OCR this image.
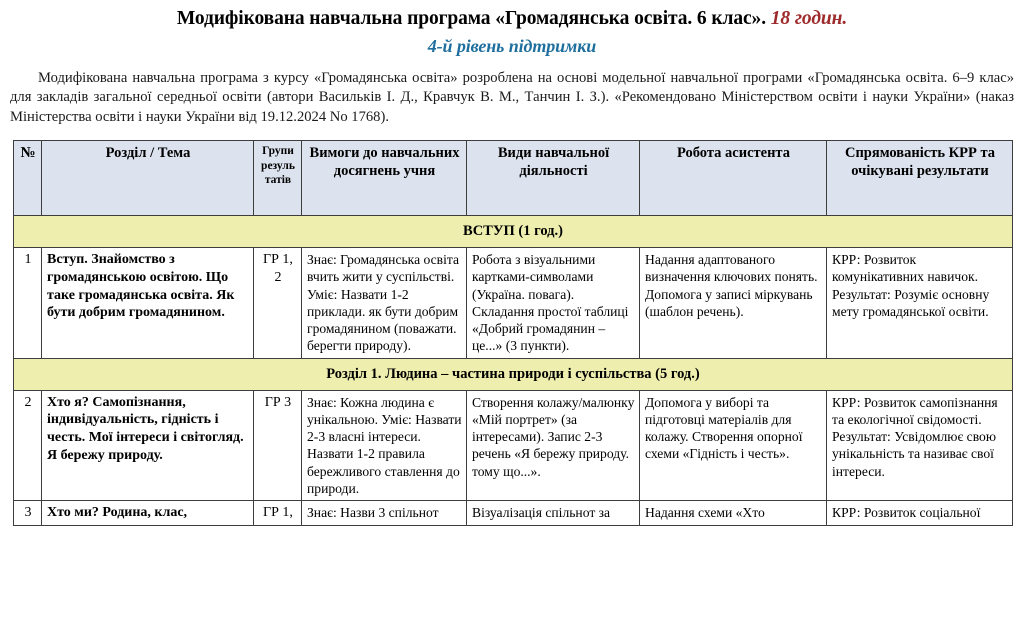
Модифікована навчальна програма «Громадянська освіта. 6 клас». 18 годин.
4-й рівень підтримки

Модифікована навчальна програма з курсу «Громадянська освіта» розроблена на основі модельної навчальної програми «Громадянська освіта. 6–9 клас» для закладів загальної середньої освіти (автори Васильків І. Д., Кравчук В. М., Танчин І. З.). «Рекомендовано Міністерством освіти і науки України» (наказ Міністерства освіти і науки України від 19.12.2024 No 1768).

№	Розділ / Тема	Групи результатів	Вимоги до навчальних досягнень учня	Види навчальної діяльності	Робота асистента	Спрямованість КРР та очікувані результати
ВСТУП (1 год.)						
1	Вступ. Знайомство з громадянською освітою. Що таке громадянська освіта. Як бути добрим громадянином.	ГР 1, 2	Знає: Громадянська освіта вчить жити у суспільстві. Уміє: Назвати 1-2 приклади. як бути добрим громадянином (поважати. берегти природу).	Робота з візуальними картками-символами (Україна. повага). Складання простої таблиці «Добрий громадянин – це...» (3 пункти).	Надання адаптованого визначення ключових понять. Допомога у записі міркувань (шаблон речень).	КРР: Розвиток комунікативних навичок. Результат: Розуміє основну мету громадянської освіти.
Розділ 1. Людина – частина природи і суспільства (5 год.)						
2	Хто я? Самопізнання, індивідуальність, гідність і честь. Мої інтереси і світогляд. Я бережу природу.	ГР 3	Знає: Кожна людина є унікальною. Уміє: Назвати 2-3 власні інтереси. Назвати 1-2 правила бережливого ставлення до природи.	Створення колажу/малюнку «Мій портрет» (за інтересами). Запис 2-3 речень «Я бережу природу. тому що...».	Допомога у виборі та підготовці матеріалів для колажу. Створення опорної схеми «Гідність і честь».	КРР: Розвиток самопізнання та екологічної свідомості. Результат: Усвідомлює свою унікальність та називає свої інтереси.
3	Хто ми? Родина, клас,	ГР 1,	Знає: Назви 3 спільнот	Візуалізація спільнот за	Надання схеми «Хто	КРР: Розвиток соціальної
